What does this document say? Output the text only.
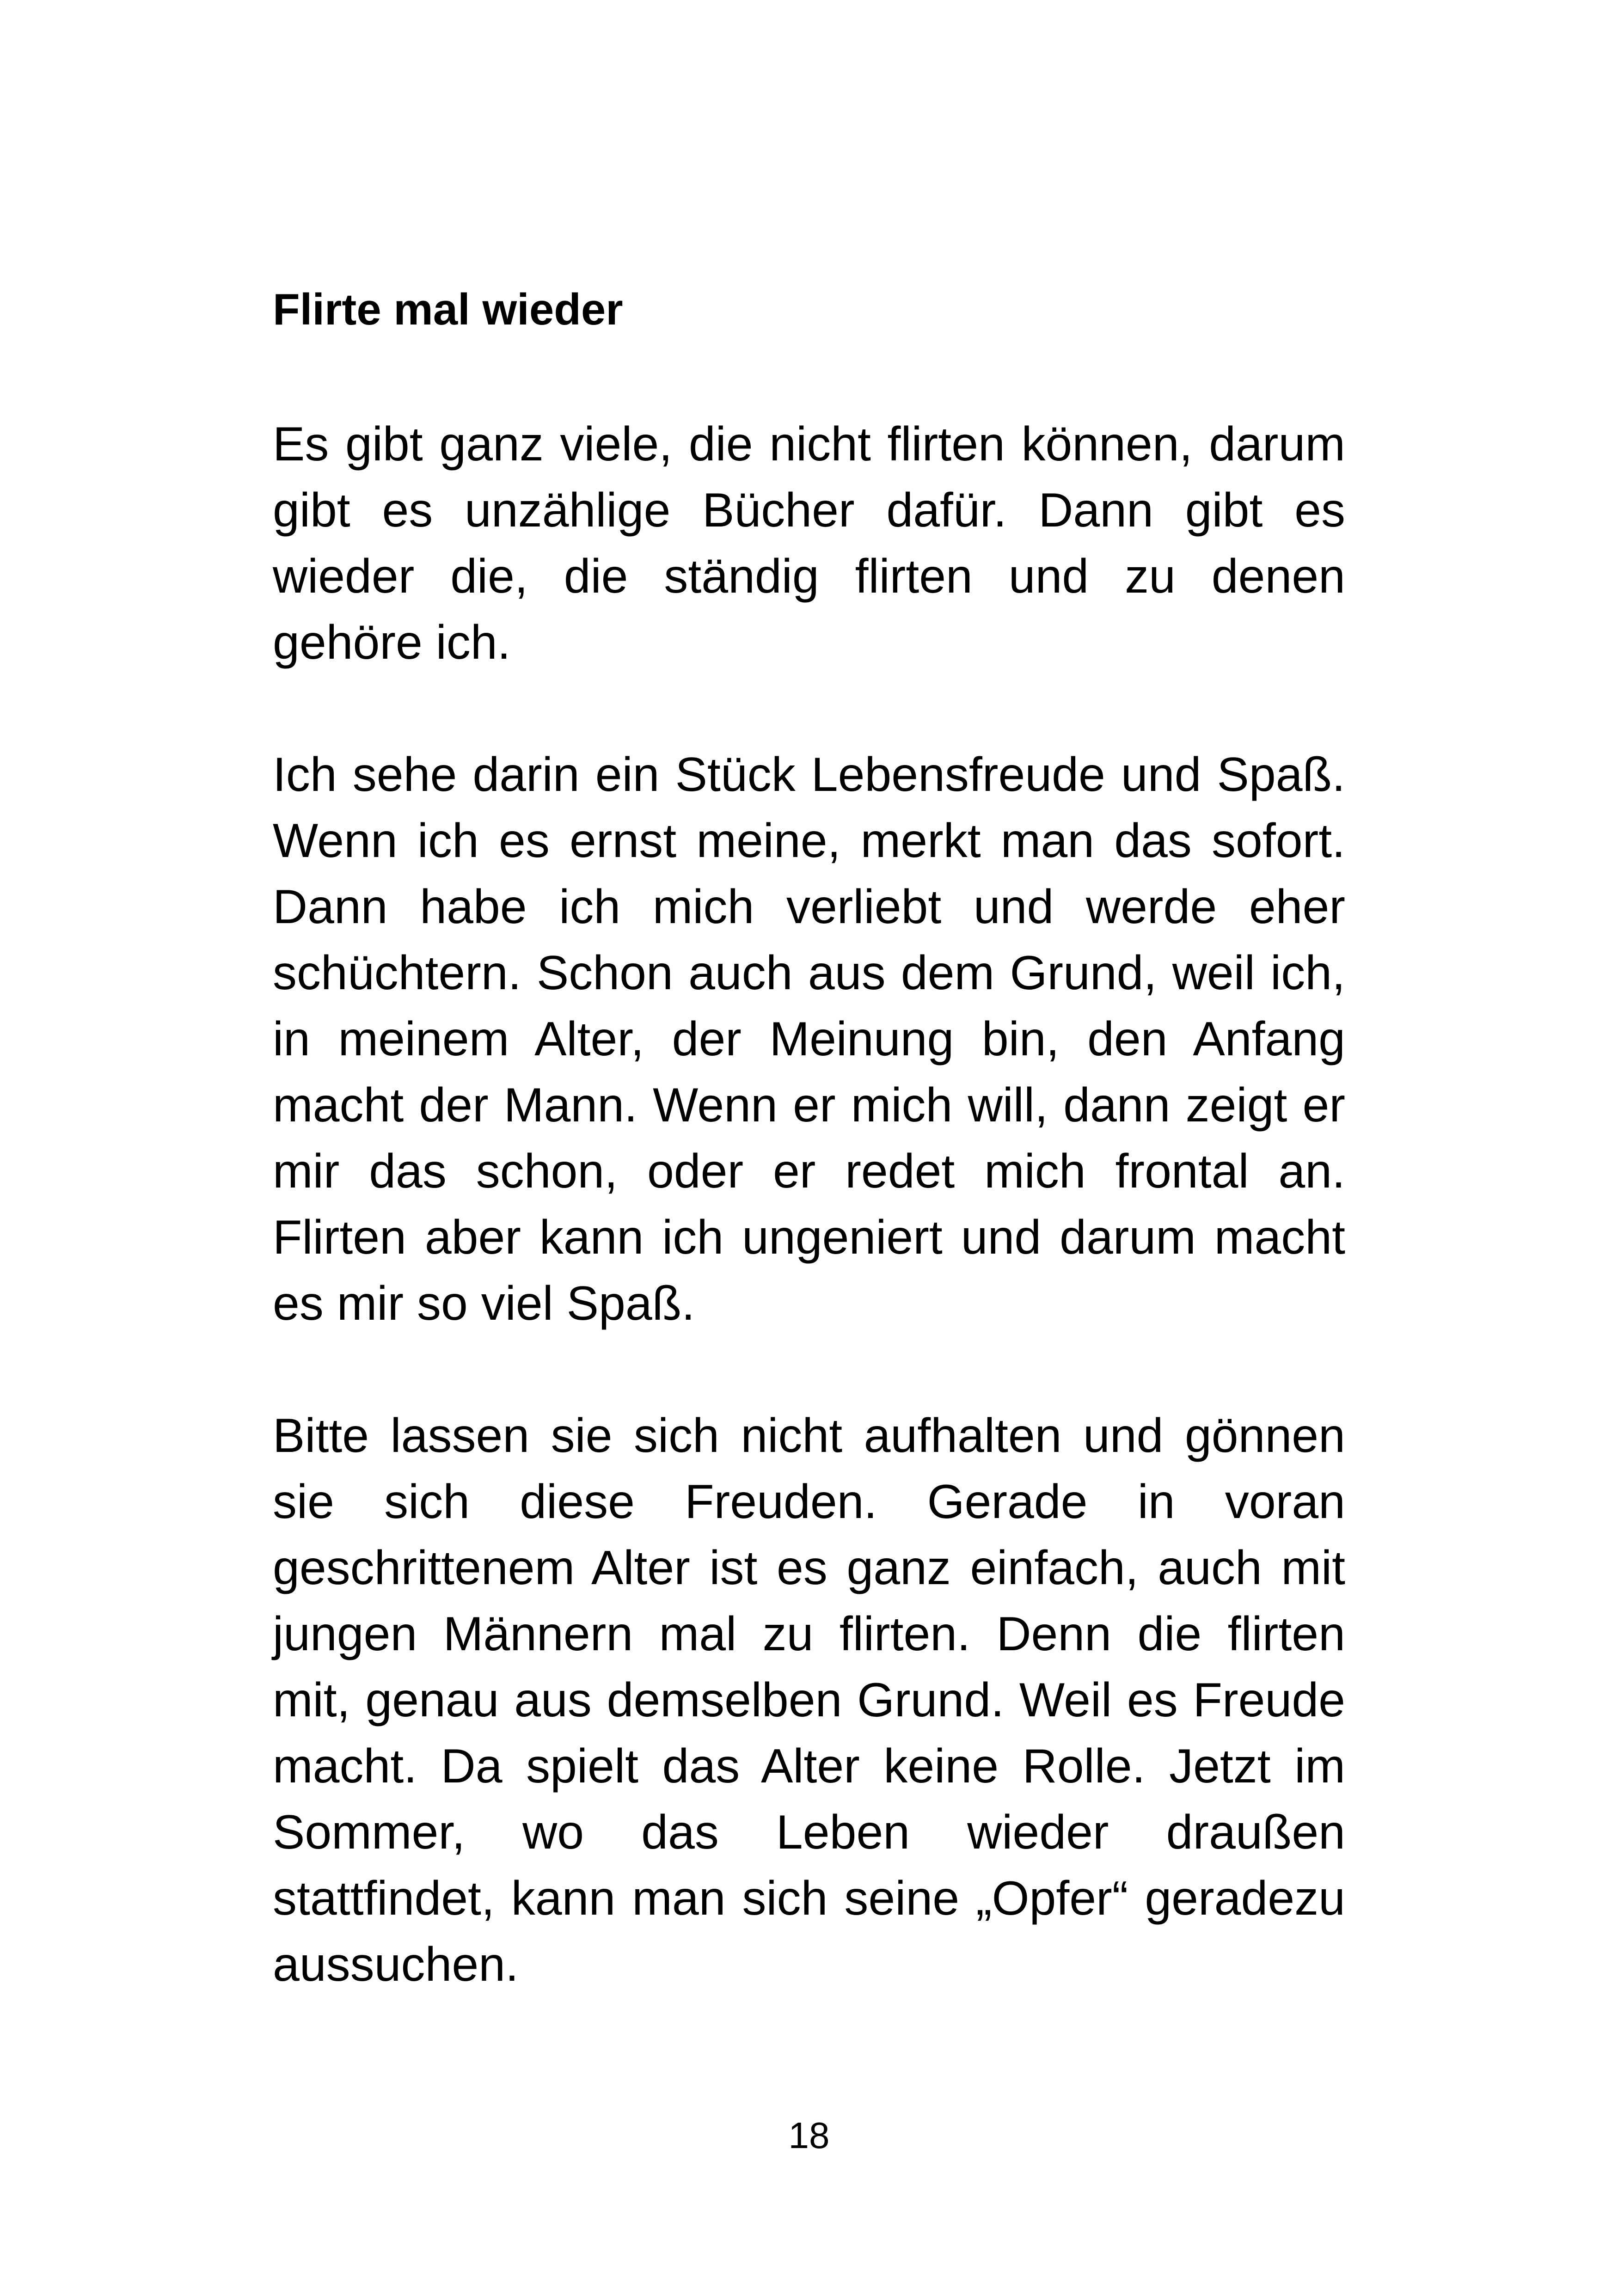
Flirte mal wieder

Es gibt ganz viele, die nicht flirten können, darum gibt es unzählige Bücher dafür. Dann gibt es wieder die, die ständig flirten und zu denen gehöre ich.

Ich sehe darin ein Stück Lebensfreude und Spaß. Wenn ich es ernst meine, merkt man das sofort. Dann habe ich mich verliebt und werde eher schüchtern. Schon auch aus dem Grund, weil ich, in meinem Alter, der Meinung bin, den Anfang macht der Mann. Wenn er mich will, dann zeigt er mir das schon, oder er redet mich frontal an. Flirten aber kann ich ungeniert und darum macht es mir so viel Spaß.

Bitte lassen sie sich nicht aufhalten und gönnen sie sich diese Freuden. Gerade in voran geschrittenem Alter ist es ganz einfach, auch mit jungen Männern mal zu flirten. Denn die flirten mit, genau aus demselben Grund. Weil es Freude macht. Da spielt das Alter keine Rolle. Jetzt im Sommer, wo das Leben wieder draußen stattfindet, kann man sich seine „Opfer“ geradezu aussuchen.

18
